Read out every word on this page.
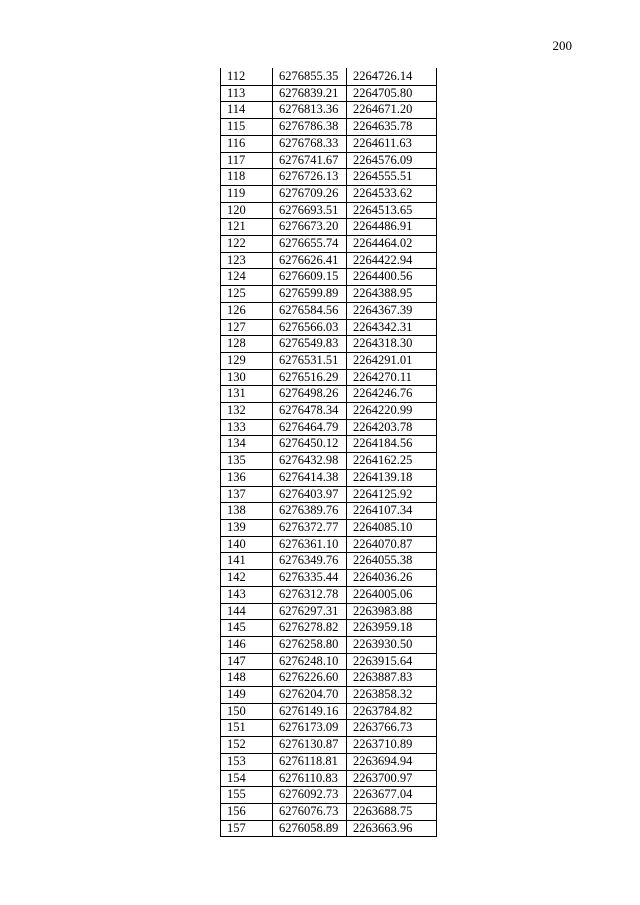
200
112	6276855.35	2264726.14
113	6276839.21	2264705.80
114	6276813.36	2264671.20
115	6276786.38	2264635.78
116	6276768.33	2264611.63
117	6276741.67	2264576.09
118	6276726.13	2264555.51
119	6276709.26	2264533.62
120	6276693.51	2264513.65
121	6276673.20	2264486.91
122	6276655.74	2264464.02
123	6276626.41	2264422.94
124	6276609.15	2264400.56
125	6276599.89	2264388.95
126	6276584.56	2264367.39
127	6276566.03	2264342.31
128	6276549.83	2264318.30
129	6276531.51	2264291.01
130	6276516.29	2264270.11
131	6276498.26	2264246.76
132	6276478.34	2264220.99
133	6276464.79	2264203.78
134	6276450.12	2264184.56
135	6276432.98	2264162.25
136	6276414.38	2264139.18
137	6276403.97	2264125.92
138	6276389.76	2264107.34
139	6276372.77	2264085.10
140	6276361.10	2264070.87
141	6276349.76	2264055.38
142	6276335.44	2264036.26
143	6276312.78	2264005.06
144	6276297.31	2263983.88
145	6276278.82	2263959.18
146	6276258.80	2263930.50
147	6276248.10	2263915.64
148	6276226.60	2263887.83
149	6276204.70	2263858.32
150	6276149.16	2263784.82
151	6276173.09	2263766.73
152	6276130.87	2263710.89
153	6276118.81	2263694.94
154	6276110.83	2263700.97
155	6276092.73	2263677.04
156	6276076.73	2263688.75
157	6276058.89	2263663.96
